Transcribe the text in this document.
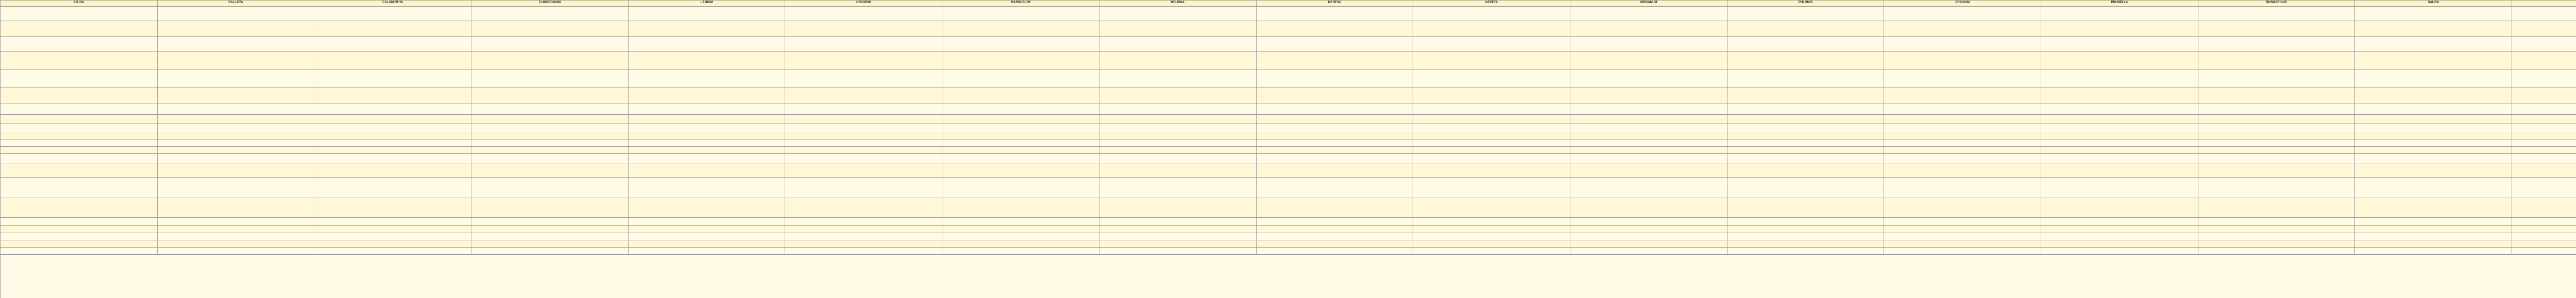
AJUGA	BALLOTA	CALAMINTHA	CLINOPODIUM	LAMIUM	LYCOPUS	MARRUBIUM	MELISSA	MENTHA	NEPETA	ORIGANUM	PHLOMIS	PRASIUM	PRUNELLA	ROSMARINUS	SALVIA
